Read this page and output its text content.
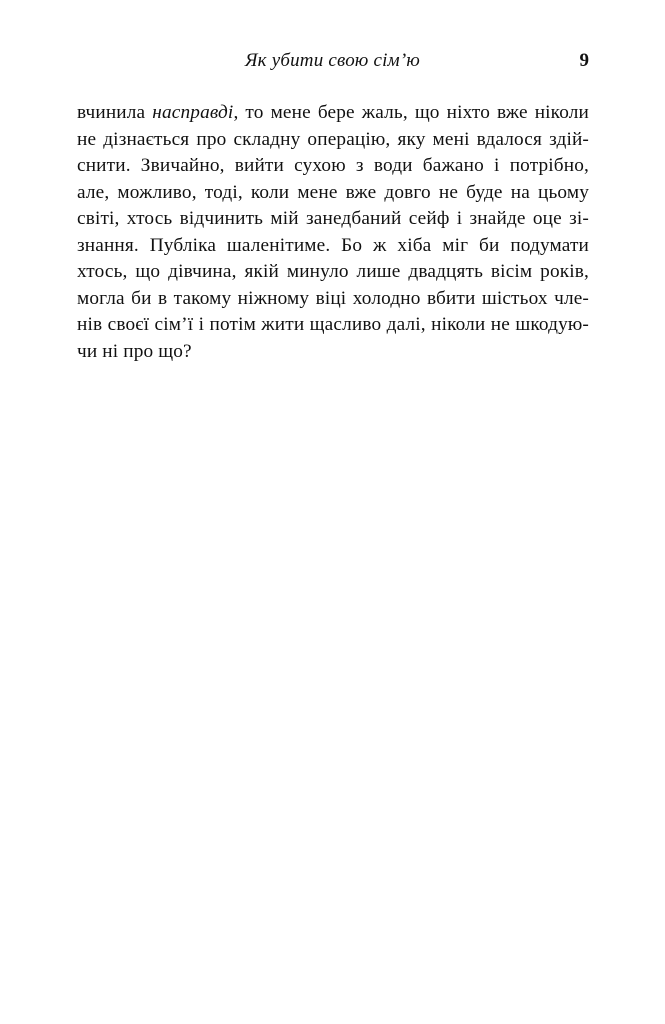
Як убити свою сім’ю	9
вчинила насправді, то мене бере жаль, що ніхто вже ніколи
не дізнається про складну операцію, яку мені вдалося здій-
снити. Звичайно, вийти сухою з води бажано і потрібно,
але, можливо, тоді, коли мене вже довго не буде на цьому
світі, хтось відчинить мій занедбаний сейф і знайде оце зі-
знання. Публіка шаленітиме. Бо ж хіба міг би подумати
хтось, що дівчина, якій минуло лише двадцять вісім років,
могла би в такому ніжному віці холодно вбити шістьох чле-
нів своєї сім’ї і потім жити щасливо далі, ніколи не шкодую-
чи ні про що?
